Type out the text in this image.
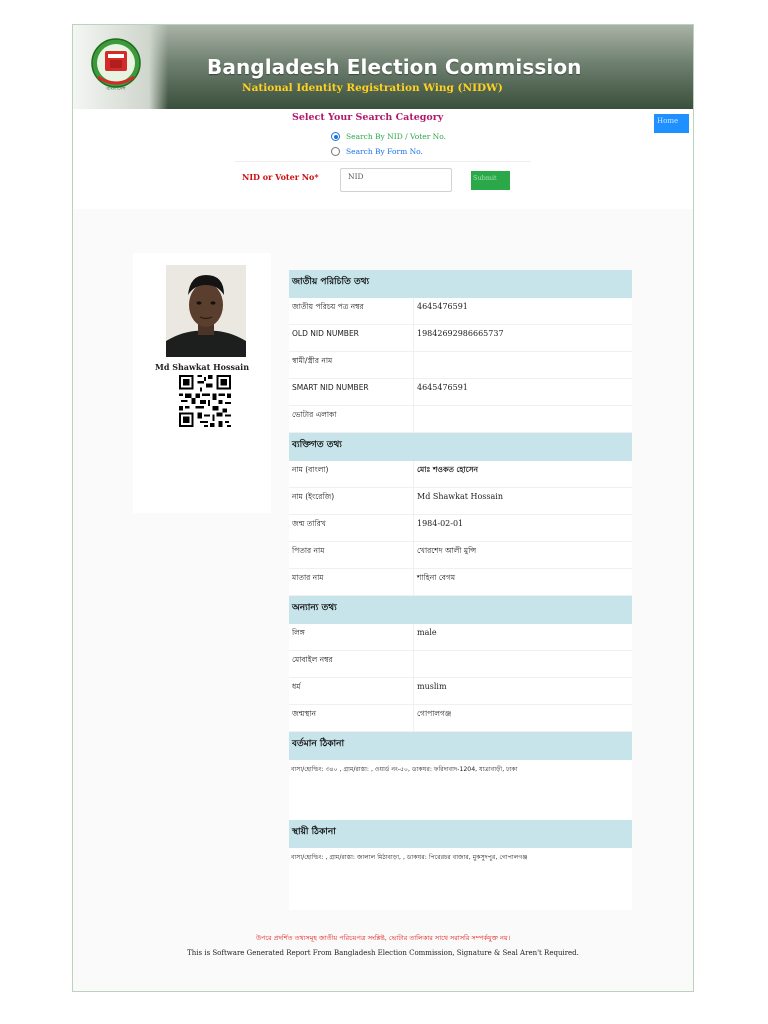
বাংলাদেশ
Bangladesh Election Commission
National Identity Registration Wing (NIDW)
Select Your Search Category
Search By NID / Voter No.
Search By Form No.
NID or Voter No*
NID	Submit
Home
Md Shawkat Hossain
জাতীয় পরিচিতি তথ্য
জাতীয় পরিচয় পত্র নম্বর	4645476591
OLD NID NUMBER	19842692986665737
স্বামী/স্ত্রীর নাম
SMART NID NUMBER	4645476591
ভোটার এলাকা
ব্যক্তিগত তথ্য
নাম (বাংলা)	মোঃ শওকত হোসেন
নাম (ইংরেজি)	Md Shawkat Hossain
জন্ম তারিখ	1984-02-01
পিতার নাম	খোরশেদ আলী মুন্সি
মাতার নাম	শাহিনা বেগম
অন্যান্য তথ্য
লিঙ্গ	male
মোবাইল নম্বর
ধর্ম	muslim
জন্মস্থান	গোপালগঞ্জ
বর্তমান ঠিকানা
বাসা/হোল্ডিং: ৩৪০ , গ্রাম/রাস্তা: , ওয়ার্ড নং-৫০, ডাকঘর: ফরিদাবাদ-1204, যাত্রাবাড়ী, ঢাকা
স্থায়ী ঠিকানা
বাসা/হোল্ডিং: , গ্রাম/রাস্তা: জালাল মিঠাবাড়া, , ডাকঘর: পিরেরচর বাজার, মুকসুদপুর, গোপালগঞ্জ
উপরে প্রদর্শিত তথ্যসমূহ জাতীয় পরিচয়পত্র সংশ্লিষ্ট, ভোটার তালিকার সাথে সরাসরি সম্পর্কযুক্ত নয়।
This is Software Generated Report From Bangladesh Election Commission, Signature & Seal Aren't Required.
